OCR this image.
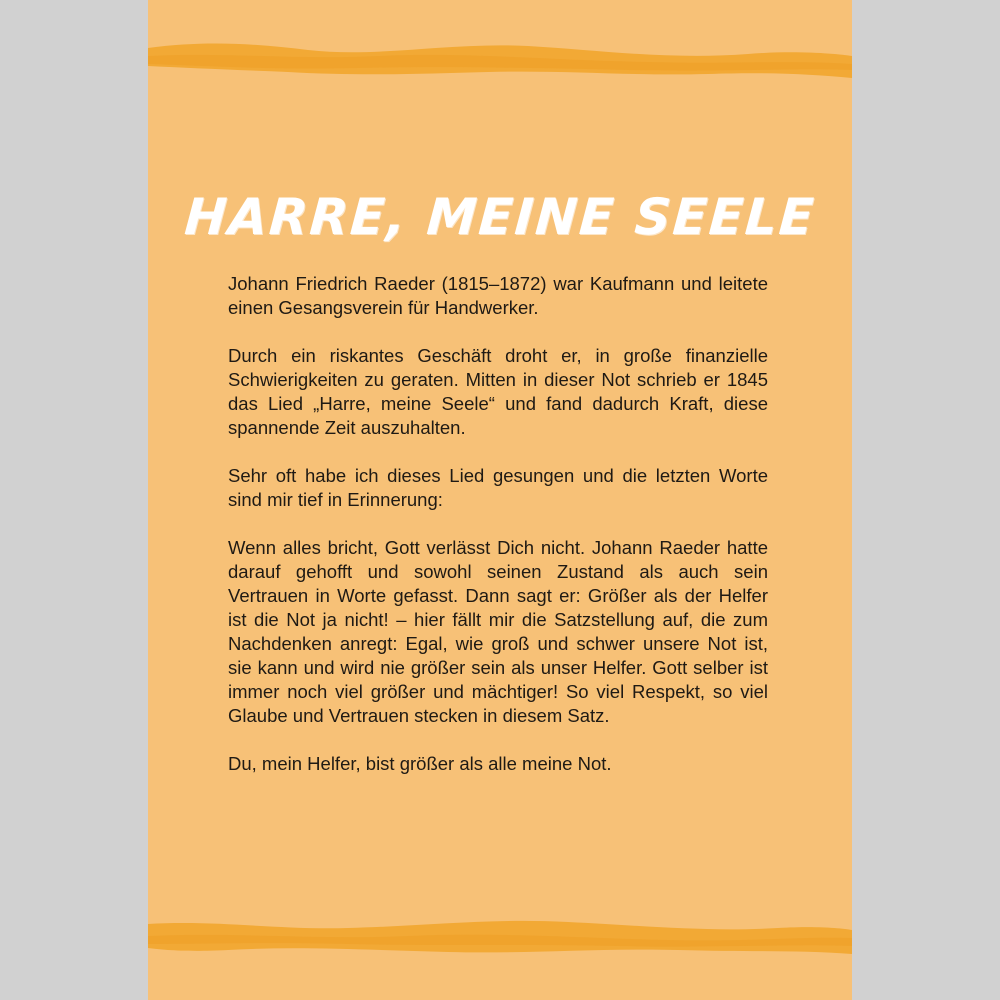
HARRE, MEINE SEELE

Johann Friedrich Raeder (1815–1872) war Kaufmann und leitete einen Gesangsverein für Handwerker.

Durch ein riskantes Geschäft droht er, in große finanzielle Schwierigkeiten zu geraten. Mitten in dieser Not schrieb er 1845 das Lied „Harre, meine Seele“ und fand dadurch Kraft, diese spannende Zeit auszuhalten.

Sehr oft habe ich dieses Lied gesungen und die letzten Worte sind mir tief in Erinnerung:

Wenn alles bricht, Gott verlässt Dich nicht. Johann Raeder hatte darauf gehofft und sowohl seinen Zustand als auch sein Vertrauen in Worte gefasst. Dann sagt er: Größer als der Helfer ist die Not ja nicht! – hier fällt mir die Satzstellung auf, die zum Nachdenken anregt: Egal, wie groß und schwer unsere Not ist, sie kann und wird nie größer sein als unser Helfer. Gott selber ist immer noch viel größer und mächtiger! So viel Respekt, so viel Glaube und Vertrauen stecken in diesem Satz.

Du, mein Helfer, bist größer als alle meine Not.
